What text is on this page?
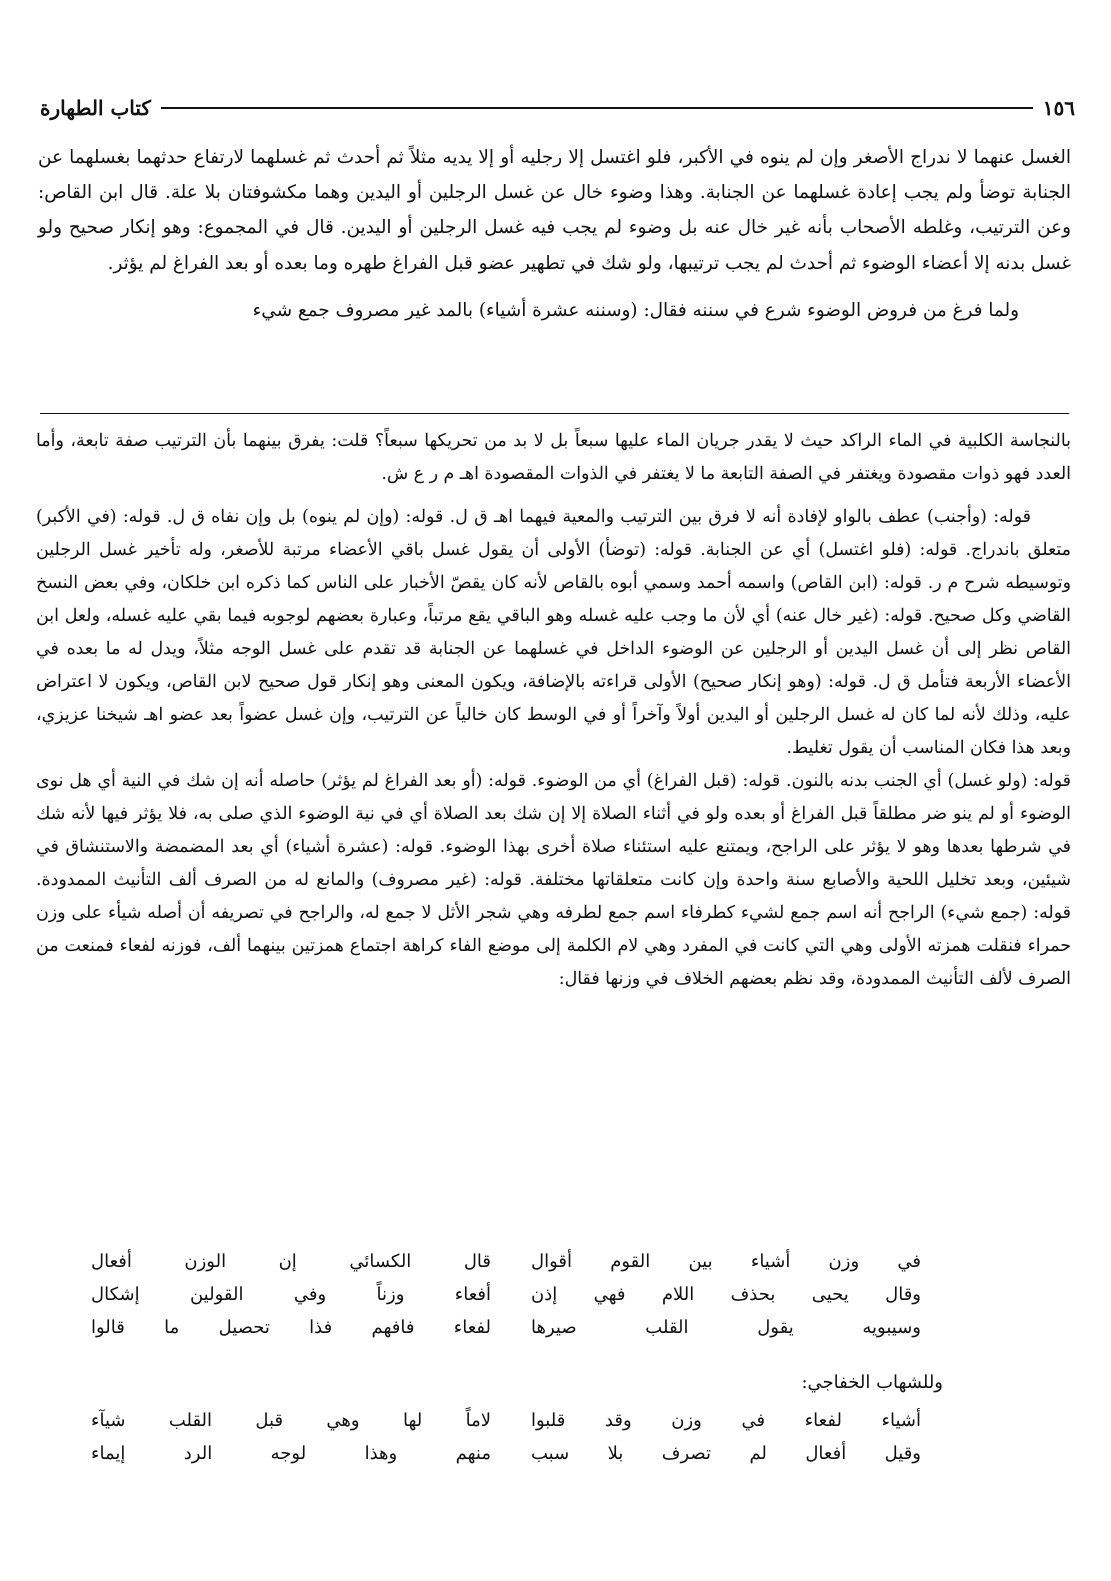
١٥٦
كتاب الطهارة

الغسل عنهما لا ندراج الأصغر وإن لم ينوه في الأكبر، فلو اغتسل إلا رجليه أو إلا يديه مثلاً ثم أحدث ثم غسلهما لارتفاع حدثهما بغسلهما عن الجنابة توضأ ولم يجب إعادة غسلهما عن الجنابة. وهذا وضوء خال عن غسل الرجلين أو اليدين وهما مكشوفتان بلا علة. قال ابن القاص: وعن الترتيب، وغلطه الأصحاب بأنه غير خال عنه بل وضوء لم يجب فيه غسل الرجلين أو اليدين. قال في المجموع: وهو إنكار صحيح ولو غسل بدنه إلا أعضاء الوضوء ثم أحدث لم يجب ترتيبها، ولو شك في تطهير عضو قبل الفراغ طهره وما بعده أو بعد الفراغ لم يؤثر.

ولما فرغ من فروض الوضوء شرع في سننه فقال: (وسننه عشرة أشياء) بالمد غير مصروف جمع شيء

بالنجاسة الكلبية في الماء الراكد حيث لا يقدر جريان الماء عليها سبعاً بل لا بد من تحريكها سبعاً؟ قلت: يفرق بينهما بأن الترتيب صفة تابعة، وأما العدد فهو ذوات مقصودة ويغتفر في الصفة التابعة ما لا يغتفر في الذوات المقصودة اهـ م ر ع ش.

قوله: (وأجنب) عطف بالواو لإفادة أنه لا فرق بين الترتيب والمعية فيهما اهـ ق ل. قوله: (وإن لم ينوه) بل وإن نفاه ق ل. قوله: (في الأكبر) متعلق باندراج. قوله: (فلو اغتسل) أي عن الجنابة. قوله: (توضأ) الأولى أن يقول غسل باقي الأعضاء مرتبة للأصغر، وله تأخير غسل الرجلين وتوسيطه شرح م ر. قوله: (ابن القاص) واسمه أحمد وسمي أبوه بالقاص لأنه كان يقصّ الأخبار على الناس كما ذكره ابن خلكان، وفي بعض النسخ القاضي وكل صحيح. قوله: (غير خال عنه) أي لأن ما وجب عليه غسله وهو الباقي يقع مرتباً، وعبارة بعضهم لوجوبه فيما بقي عليه غسله، ولعل ابن القاص نظر إلى أن غسل اليدين أو الرجلين عن الوضوء الداخل في غسلهما عن الجنابة قد تقدم على غسل الوجه مثلاً، ويدل له ما بعده في الأعضاء الأربعة فتأمل ق ل. قوله: (وهو إنكار صحيح) الأولى قراءته بالإضافة، ويكون المعنى وهو إنكار قول صحيح لابن القاص، ويكون لا اعتراض عليه، وذلك لأنه لما كان له غسل الرجلين أو اليدين أولاً وآخراً أو في الوسط كان خالياً عن الترتيب، وإن غسل عضواً بعد عضو اهـ شيخنا عزيزي، وبعد هذا فكان المناسب أن يقول تغليط.

قوله: (ولو غسل) أي الجنب بدنه بالنون. قوله: (قبل الفراغ) أي من الوضوء. قوله: (أو بعد الفراغ لم يؤثر) حاصله أنه إن شك في النية أي هل نوى الوضوء أو لم ينو ضر مطلقاً قبل الفراغ أو بعده ولو في أثناء الصلاة إلا إن شك بعد الصلاة أي في نية الوضوء الذي صلى به، فلا يؤثر فيها لأنه شك في شرطها بعدها وهو لا يؤثر على الراجح، ويمتنع عليه استئناء صلاة أخرى بهذا الوضوء. قوله: (عشرة أشياء) أي بعد المضمضة والاستنشاق في شيئين، وبعد تخليل اللحية والأصابع سنة واحدة وإن كانت متعلقاتها مختلفة. قوله: (غير مصروف) والمانع له من الصرف ألف التأنيث الممدودة. قوله: (جمع شيء) الراجح أنه اسم جمع لشيء كطرفاء اسم جمع لطرفه وهي شجر الأثل لا جمع له، والراجح في تصريفه أن أصله شيأء على وزن حمراء فنقلت همزته الأولى وهي التي كانت في المفرد وهي لام الكلمة إلى موضع الفاء كراهة اجتماع همزتين بينهما ألف، فوزنه لفعاء فمنعت من الصرف لألف التأنيث الممدودة، وقد نظم بعضهم الخلاف في وزنها فقال:

في وزن أشياء بين القوم أقوال
قال الكسائي إن الوزن أفعال
وقال يحيى بحذف اللام فهي إذن
أفعاء وزناً وفي القولين إشكال
وسيبويه يقول القلب صيرها
لفعاء فافهم فذا تحصيل ما قالوا
وللشهاب الخفاجي:
أشياء لفعاء في وزن وقد قلبوا
لاماً لها وهي قبل القلب شيآء
وقيل أفعال لم تصرف بلا سبب
منهم وهذا لوجه الرد إيماء
